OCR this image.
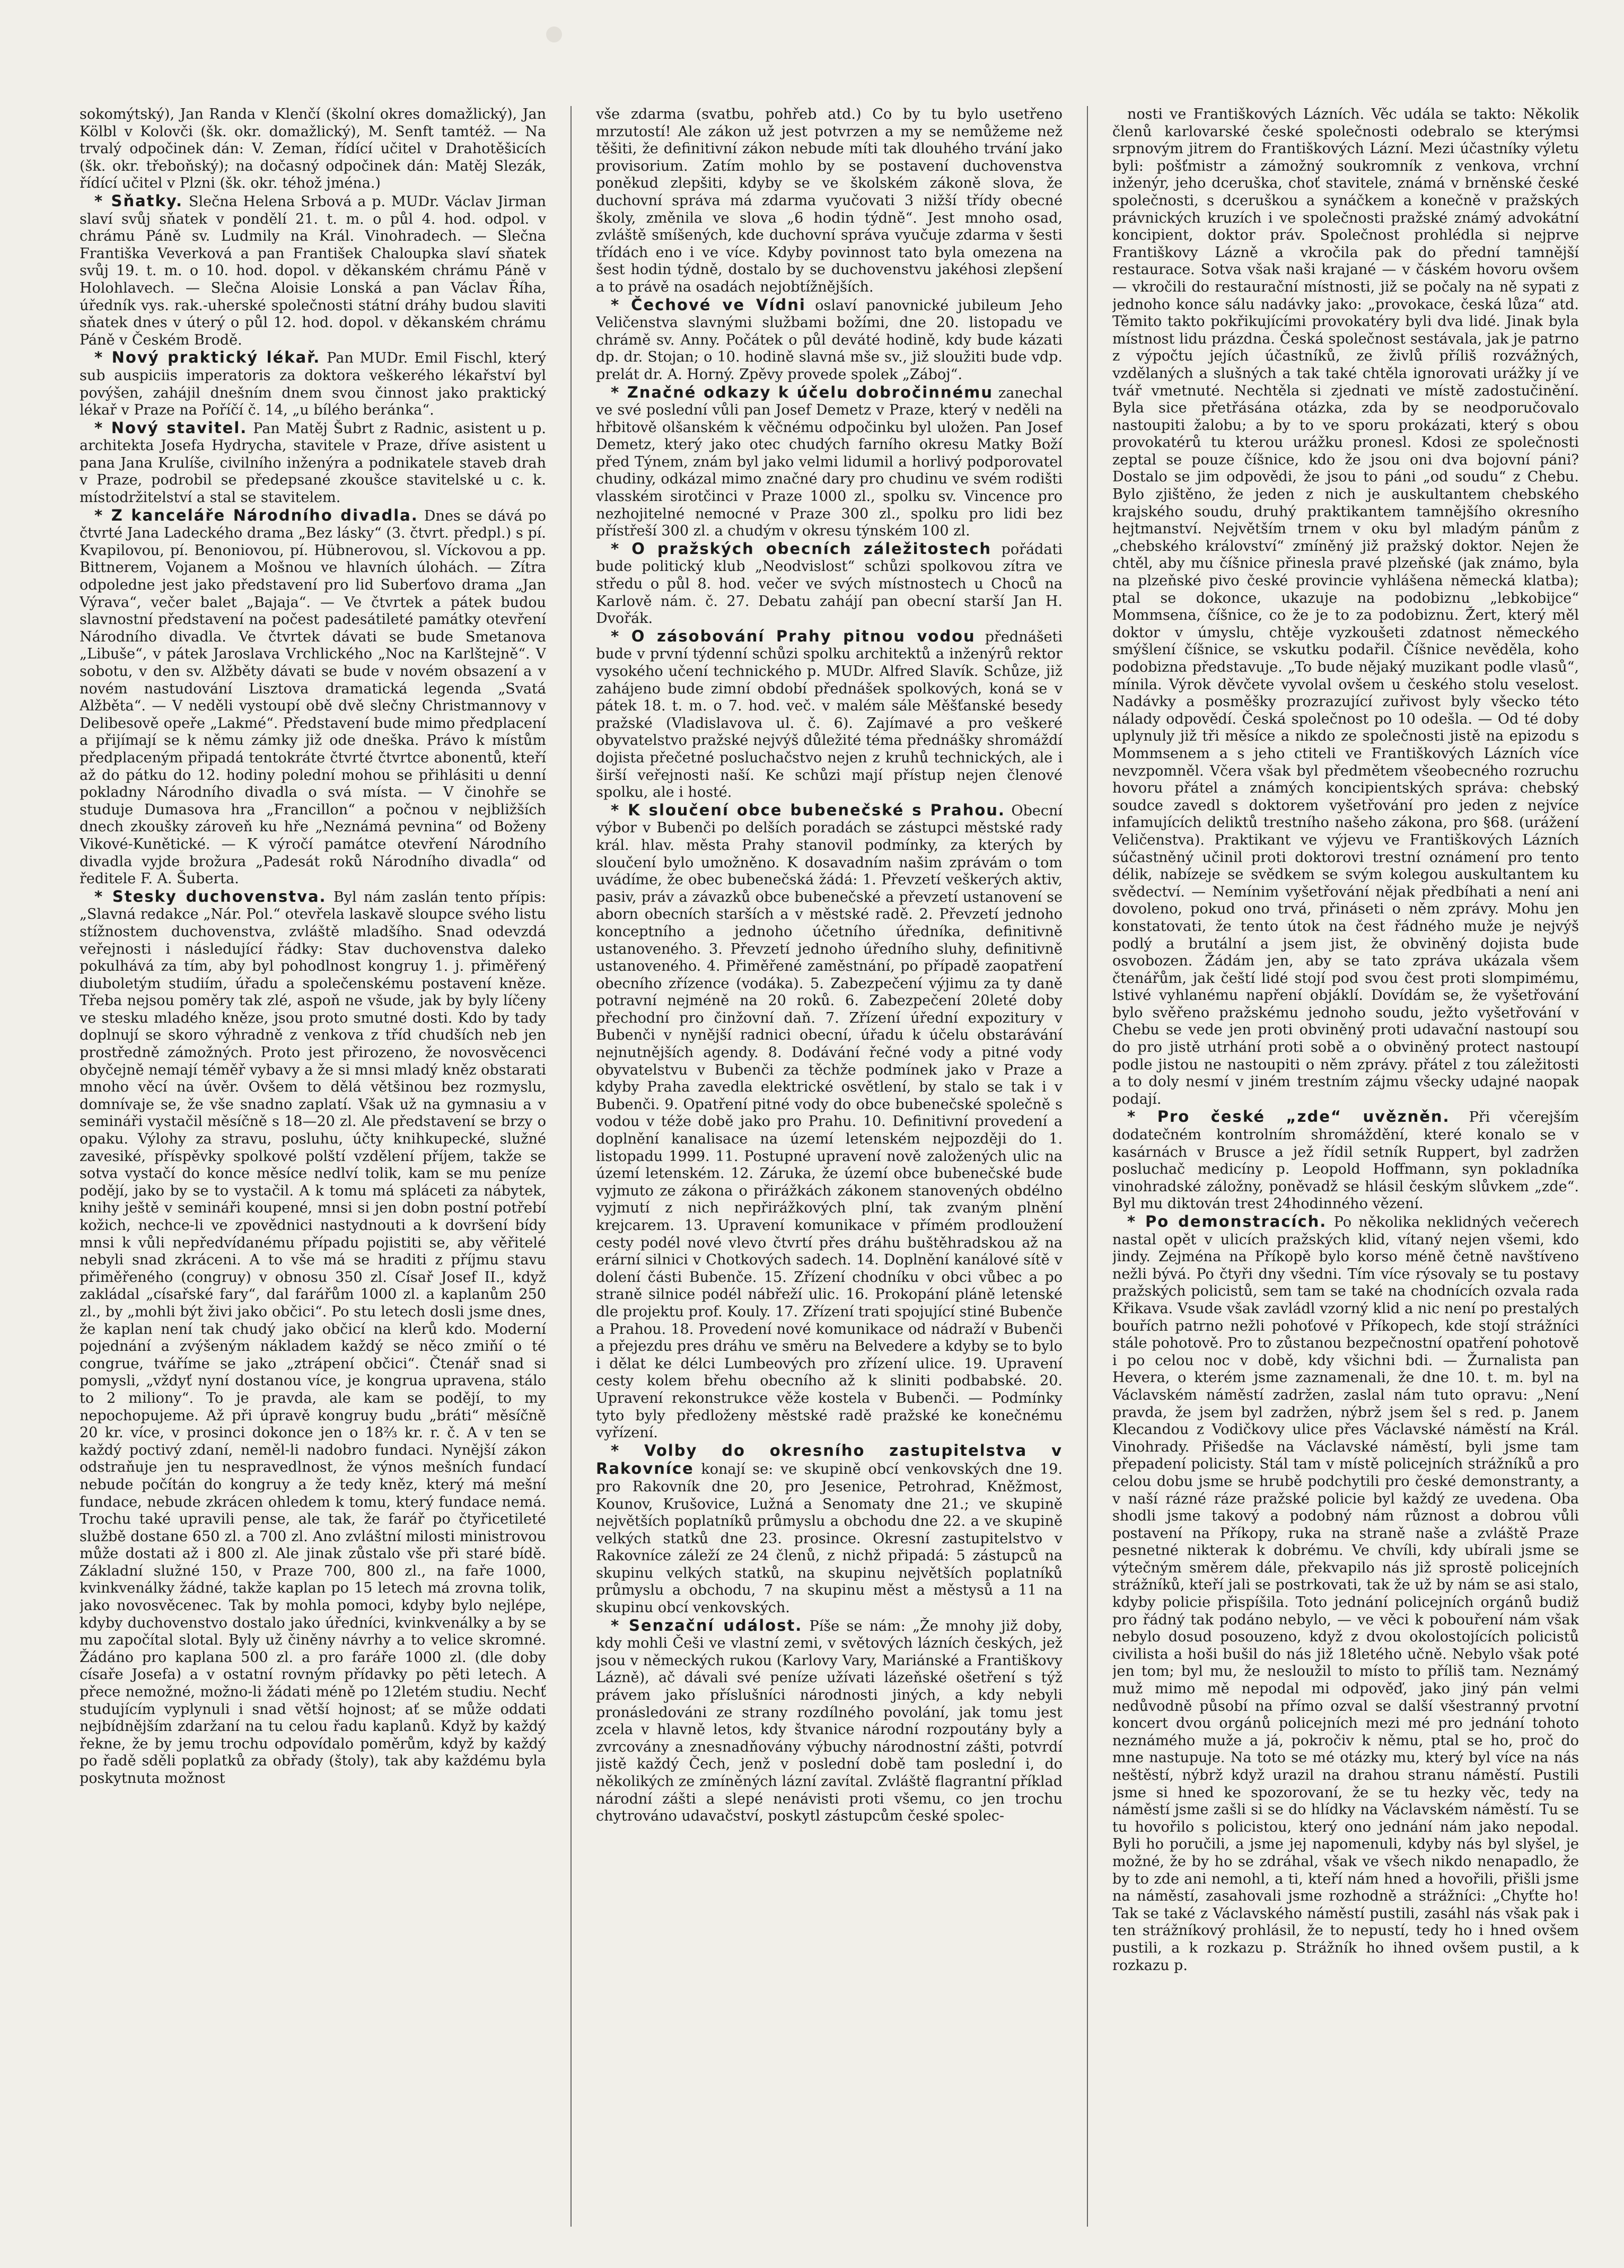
sokomýtský), Jan Randa v Klenčí (školní okres domažlický), Jan Kölbl v Kolovči (šk. okr. domažlický), M. Senft tamtéž. — Na trvalý odpočinek dán: V. Zeman, řídící učitel v Drahotěšicích (šk. okr. třeboňský); na dočasný odpočinek dán: Matěj Slezák, řídící učitel v Plzni (šk. okr. téhož jména.)

* Sňatky. Slečna Helena Srbová a p. MUDr. Václav Jirman slaví svůj sňatek v pondělí 21. t. m. o půl 4. hod. odpol. v chrámu Páně sv. Ludmily na Král. Vinohradech. — Slečna Františka Veverková a pan František Chaloupka slaví sňatek svůj 19. t. m. o 10. hod. dopol. v děkanském chrámu Páně v Holohlavech. — Slečna Aloisie Lonská a pan Václav Říha, úředník vys. rak.-uherské společnosti státní dráhy budou slaviti sňatek dnes v úterý o půl 12. hod. dopol. v děkanském chrámu Páně v Českém Brodě.

* Nový praktický lékař. Pan MUDr. Emil Fischl, který sub auspiciis imperatoris za doktora veškerého lékařství byl povýšen, zahájil dnešním dnem svou činnost jako praktický lékař v Praze na Poříčí č. 14, „u bílého beránka“.

* Nový stavitel. Pan Matěj Šubrt z Radnic, asistent u p. architekta Josefa Hydrycha, stavitele v Praze, dříve asistent u pana Jana Krulíše, civilního inženýra a podnikatele staveb drah v Praze, podrobil se předepsané zkoušce stavitelské u c. k. místodržitelství a stal se stavitelem.

* Z kanceláře Národního divadla. Dnes se dává po čtvrté Jana Ladeckého drama „Bez lásky“ (3. čtvrt. předpl.) s pí. Kvapilovou, pí. Benoniovou, pí. Hübnerovou, sl. Víckovou a pp. Bittnerem, Vojanem a Mošnou ve hlavních úlohách. — Zítra odpoledne jest jako představení pro lid Suberťovo drama „Jan Výrava“, večer balet „Bajaja“. — Ve čtvrtek a pátek budou slavnostní představení na počest padesátileté památky otevření Národního divadla. Ve čtvrtek dávati se bude Smetanova „Libuše“, v pátek Jaroslava Vrchlického „Noc na Karlštejně“. V sobotu, v den sv. Alžběty dávati se bude v novém obsazení a v novém nastudování Lisztova dramatická legenda „Svatá Alžběta“. — V neděli vystoupí obě dvě slečny Christmannovy v Delibesově opeře „Lakmé“. Představení bude mimo předplacení a přijímají se k němu zámky již ode dneška. Právo k místům předplaceným připadá tentokráte čtvrté čtvrtce abonentů, kteří až do pátku do 12. hodiny polední mohou se přihlásiti u denní pokladny Národního divadla o svá místa. — V činohře se studuje Dumasova hra „Francillon“ a počnou v nejbližších dnech zkoušky zároveň ku hře „Neznámá pevnina“ od Boženy Vikové-Kunětické. — K výročí památce otevření Národního divadla vyjde brožura „Padesát roků Národního divadla“ od ředitele F. A. Šuberta.

* Stesky duchovenstva. Byl nám zaslán tento přípis: „Slavná redakce „Nár. Pol.“ otevřela laskavě sloupce svého listu stížnostem duchovenstva, zvláště mladšího. Snad odevzdá veřejnosti i následující řádky: Stav duchovenstva daleko pokulhává za tím, aby byl pohodlnost kongruy 1. j. přiměřený diuboletým studiím, úřadu a společenskému postavení kněze. Třeba nejsou poměry tak zlé, aspoň ne všude, jak by byly líčeny ve stesku mladého kněze, jsou proto smutné dosti. Kdo by tady doplnují se skoro výhradně z venkova z tříd chudších neb jen prostředně zámožných. Proto jest přirozeno, že novosvěcenci obyčejně nemají téměř vybavy a že si mnsi mladý kněz obstarati mnoho věcí na úvěr. Ovšem to dělá většinou bez rozmyslu, domnívaje se, že vše snadno zaplatí. Však už na gymnasiu a v semináři vystačil měsíčně s 18—20 zl. Ale představení se brzy o opaku. Výlohy za stravu, posluhu, účty knihkupecké, služné zavesiké, příspěvky spolkové polští vzdělení příjem, takže se sotva vystačí do konce měsíce nedlví tolik, kam se mu peníze podějí, jako by se to vystačil. A k tomu má spláceti za nábytek, knihy ještě v semináři koupené, mnsi si jen dobn postní potřebí kožich, nechce-li ve zpovědnici nastydnouti a k dovršení bídy mnsi k vůli nepředvídanému případu pojistiti se, aby věřitelé nebyli snad zkráceni. A to vše má se hraditi z příjmu stavu přiměřeného (congruy) v obnosu 350 zl. Císař Josef II., když zakládal „císařské fary“, dal farářům 1000 zl. a kaplanům 250 zl., by „mohli být živi jako občici“. Po stu letech dosli jsme dnes, že kaplan není tak chudý jako občicí na klerů kdo. Moderní pojednání a zvýšeným nákladem každý se něco zmiňí o té congrue, tváříme se jako „ztrápení občici“. Čtenář snad si pomysli, „vždyť nyní dostanou více, je kongrua upravena, stálo to 2 miliony“. To je pravda, ale kam se podějí, to my nepochopujeme. Až při úpravě kongruy budu „bráti“ měsíčně 20 kr. více, v prosinci dokonce jen o 18⅔ kr. r. č. A v ten se každý poctivý zdaní, neměl-li nadobro fundaci. Nynější zákon odstraňuje jen tu nespravedlnost, že výnos mešních fundací nebude počítán do kongruy a že tedy kněz, který má mešní fundace, nebude zkrácen ohledem k tomu, který fundace nemá. Trochu také upravili pense, ale tak, že farář po čtyřicetileté službě dostane 650 zl. a 700 zl. Ano zvláštní milosti ministrovou může dostati až i 800 zl. Ale jinak zůstalo vše při staré bídě. Základní služné 150, v Praze 700, 800 zl., na faře 1000, kvinkvenálky žádné, takže kaplan po 15 letech má zrovna tolik, jako novosvěcenec. Tak by mohla pomoci, kdyby bylo nejlépe, kdyby duchovenstvo dostalo jako úředníci, kvinkvenálky a by se mu započítal slotal. Byly už činěny návrhy a to velice skromné. Žádáno pro kaplana 500 zl. a pro faráře 1000 zl. (dle doby císaře Josefa) a v ostatní rovným přídavky po pěti letech. A přece nemožné, možno-li žádati méně po 12letém studiu. Nechť studujícím vyplynuli i snad větší hojnost; ať se může oddati nejbídnějším zdaržaní na tu celou řadu kaplanů. Když by každý řekne, že by jemu trochu odpovídalo poměrům, když by každý po řadě sděli poplatků za obřady (štoly), tak aby každému byla poskytnuta možnost

vše zdarma (svatbu, pohřeb atd.) Co by tu bylo usetřeno mrzutostí! Ale zákon už jest potvrzen a my se nemůžeme než těšiti, že definitivní zákon nebude míti tak dlouhého trvání jako provisorium. Zatím mohlo by se postavení duchovenstva poněkud zlepšiti, kdyby se ve školském zákoně slova, že duchovní správa má zdarma vyučovati 3 nižší třídy obecné školy, změnila ve slova „6 hodin týdně“. Jest mnoho osad, zvláště smíšených, kde duchovní správa vyučuje zdarma v šesti třídách eno i ve více. Kdyby povinnost tato byla omezena na šest hodin týdně, dostalo by se duchovenstvu jakéhosi zlepšení a to právě na osadách nejobtížnějších.

* Čechové ve Vídni oslaví panovnické jubileum Jeho Veličenstva slavnými službami božími, dne 20. listopadu ve chrámě sv. Anny. Počátek o půl deváté hodině, kdy bude kázati dp. dr. Stojan; o 10. hodině slavná mše sv., již sloužiti bude vdp. prelát dr. A. Horný. Zpěvy provede spolek „Záboj“.

* Značné odkazy k účelu dobročinnému zanechal ve své poslední vůli pan Josef Demetz v Praze, který v neděli na hřbitově olšanském k věčnému odpočinku byl uložen. Pan Josef Demetz, který jako otec chudých farního okresu Matky Boží před Týnem, znám byl jako velmi lidumil a horlivý podporovatel chudiny, odkázal mimo značné dary pro chudinu ve svém rodišti vlasském sirotčinci v Praze 1000 zl., spolku sv. Vincence pro nezhojitelné nemocné v Praze 300 zl., spolku pro lidi bez přístřeší 300 zl. a chudým v okresu týnském 100 zl.

* O pražských obecních záležitostech pořádati bude politický klub „Neodvislost“ schůzi spolkovou zítra ve středu o půl 8. hod. večer ve svých místnostech u Choců na Karlově nám. č. 27. Debatu zahájí pan obecní starší Jan H. Dvořák.

* O zásobování Prahy pitnou vodou přednášeti bude v první týdenní schůzi spolku architektů a inženýrů rektor vysokého učení technického p. MUDr. Alfred Slavík. Schůze, již zahájeno bude zimní období přednášek spolkových, koná se v pátek 18. t. m. o 7. hod. več. v malém sále Měšťanské besedy pražské (Vladislavova ul. č. 6). Zajímavé a pro veškeré obyvatelstvo pražské nejvýš důležité téma přednášky shromáždí dojista přečetné posluchačstvo nejen z kruhů technických, ale i širší veřejnosti naší. Ke schůzi mají přístup nejen členové spolku, ale i hosté.

* K sloučení obce bubenečské s Prahou. Obecní výbor v Bubenči po delších poradách se zástupci městské rady král. hlav. města Prahy stanovil podmínky, za kterých by sloučení bylo umožněno. K dosavadním našim zprávám o tom uvádíme, že obec bubenečská žádá: 1. Převzetí veškerých aktiv, pasiv, práv a závazků obce bubenečské a převzetí ustanovení se aborn obecních starších a v městské radě. 2. Převzetí jednoho konceptního a jednoho účetního úředníka, definitivně ustanoveného. 3. Převzetí jednoho úředního sluhy, definitivně ustanoveného. 4. Přiměřené zaměstnání, po případě zaopatření obecního zřízence (vodáka). 5. Zabezpečení výjimu za ty daně potravní nejméně na 20 roků. 6. Zabezpečení 20leté doby přechodní pro činžovní daň. 7. Zřízení úřední expozitury v Bubenči v nynější radnici obecní, úřadu k účelu obstarávání nejnutnějších agendy. 8. Dodávání řečné vody a pitné vody obyvatelstvu v Bubenči za těchže podmínek jako v Praze a kdyby Praha zavedla elektrické osvětlení, by stalo se tak i v Bubenči. 9. Opatření pitné vody do obce bubenečské společně s vodou v téže době jako pro Prahu. 10. Definitivní provedení a doplnění kanalisace na území letenském nejpozději do 1. listopadu 1999. 11. Postupné upravení nově založených ulic na území letenském. 12. Záruka, že území obce bubenečské bude vyjmuto ze zákona o přirážkách zákonem stanovených obdélno vyjmutí z nich nepřirážkových plní, tak zvaným plnění krejcarem. 13. Upravení komunikace v přímém prodloužení cesty podél nové vlevo čtvrtí přes dráhu buštěhradskou až na erární silnici v Chotkových sadech. 14. Doplnění kanálové sítě v dolení části Bubenče. 15. Zřízení chodníku v obci vůbec a po straně silnice podél nábřeží ulic. 16. Prokopání pláně letenské dle projektu prof. Kouly. 17. Zřízení trati spojující stiné Bubenče a Prahou. 18. Provedení nové komunikace od nádraží v Bubenči a přejezdu pres dráhu ve směru na Belvedere a kdyby se to bylo i dělat ke délci Lumbeových pro zřízení ulice. 19. Upravení cesty kolem břehu obecního až k sliniti podbabské. 20. Upravení rekonstrukce věže kostela v Bubenči. — Podmínky tyto byly předloženy městské radě pražské ke konečnému vyřízení.

* Volby do okresního zastupitelstva v Rakovníce konají se: ve skupině obcí venkovských dne 19. pro Rakovník dne 20, pro Jesenice, Petrohrad, Kněžmost, Kounov, Krušovice, Lužná a Senomaty dne 21.; ve skupině největších poplatníků průmyslu a obchodu dne 22. a ve skupině velkých statků dne 23. prosince. Okresní zastupitelstvo v Rakovníce záleží ze 24 členů, z nichž připadá: 5 zástupců na skupinu velkých statků, na skupinu největších poplatníků průmyslu a obchodu, 7 na skupinu měst a městysů a 11 na skupinu obcí venkovských.

* Senzační událost. Píše se nám: „Že mnohy již doby, kdy mohli Češi ve vlastní zemi, v světových lázních českých, jež jsou v německých rukou (Karlovy Vary, Mariánské a Františkovy Lázně), ač dávali své peníze užívati lázeňské ošetření s týž právem jako příslušníci národnosti jiných, a kdy nebyli pronásledováni ze strany rozdílného povolání, jak tomu jest zcela v hlavně letos, kdy štvanice národní rozpoutány byly a zvrcovány a znesnadňovány výbuchy národnostní zášti, potvrdí jistě každý Čech, jenž v poslední době tam poslední i, do několikých ze zmíněných lázní zavítal. Zvláště flagrantní příklad národní zášti a slepé nenávisti proti všemu, co jen trochu chytrováno udavačství, poskytl zástupcům české spolec-

nosti ve Františkových Lázních. Věc udála se takto: Několik členů karlovarské české společnosti odebralo se kterýmsi srpnovým jitrem do Františkových Lázní. Mezi účastníky výletu byli: pošťmistr a zámožný soukromník z venkova, vrchní inženýr, jeho dceruška, choť stavitele, známá v brněnské české společnosti, s dceruškou a synáčkem a konečně v pražských právnických kruzích i ve společnosti pražské známý advokátní koncipient, doktor práv. Společnost prohlédla si nejprve Františkovy Lázně a vkročila pak do přední tamnější restaurace. Sotva však naši krajané — v čáském hovoru ovšem — vkročili do restaurační místnosti, již se počaly na ně sypati z jednoho konce sálu nadávky jako: „provokace, česká lůza“ atd. Těmito takto pokřikujícími provokatéry byli dva lidé. Jinak byla místnost lidu prázdna. Česká společnost sestávala, jak je patrno z výpočtu jejích účastníků, ze živlů příliš rozvážných, vzdělaných a slušných a tak také chtěla ignorovati urážky jí ve tvář vmetnuté. Nechtěla si zjednati ve místě zadostučinění. Byla sice přetřásána otázka, zda by se neodporučovalo nastoupiti žalobu; a by to ve sporu prokázati, který s obou provokatérů tu kterou urážku pronesl. Kdosi ze společnosti zeptal se pouze číšnice, kdo že jsou oni dva bojovní páni? Dostalo se jim odpovědi, že jsou to páni „od soudu“ z Chebu. Bylo zjištěno, že jeden z nich je auskultantem chebského krajského soudu, druhý praktikantem tamnějšího okresního hejtmanství. Největším trnem v oku byl mladým pánům z „chebského království“ zmíněný již pražský doktor. Nejen že chtěl, aby mu číšnice přinesla pravé plzeňské (jak známo, byla na plzeňské pivo české provincie vyhlášena německá klatba); ptal se dokonce, ukazuje na podobiznu „lebkobijce“ Mommsena, číšnice, co že je to za podobiznu. Žert, který měl doktor v úmyslu, chtěje vyzkoušeti zdatnost německého smýšlení číšnice, se vskutku podařil. Číšnice nevěděla, koho podobizna představuje. „To bude nějaký muzikant podle vlasů“, mínila. Výrok děvčete vyvolal ovšem u českého stolu veselost. Nadávky a posměšky prozrazující zuřivost byly všecko této nálady odpovědí. Česká společnost po 10 odešla. — Od té doby uplynuly již tři měsíce a nikdo ze společnosti jistě na epizodu s Mommsenem a s jeho ctiteli ve Františkových Lázních více nevzpomněl. Včera však byl předmětem všeobecného rozruchu hovoru přátel a známých koncipientských správa: chebský soudce zavedl s doktorem vyšetřování pro jeden z nejvíce infamujících deliktů trestního našeho zákona, pro §68. (urážení Veličenstva). Praktikant ve výjevu ve Františkových Lázních súčastněný učinil proti doktorovi trestní oznámení pro tento délik, nabízeje se svědkem se svým kolegou auskultantem ku svědectví. — Nemínim vyšetřování nějak předbíhati a není ani dovoleno, pokud ono trvá, přináseti o něm zprávy. Mohu jen konstatovati, že tento útok na čest řádného muže je nejvýš podlý a brutální a jsem jist, že obviněný dojista bude osvobozen. Žádám jen, aby se tato zpráva ukázala všem čtenářům, jak čeští lidé stojí pod svou čest proti slompimému, lstivé vyhlanému napření objáklí. Dovídám se, že vyšetřování bylo svěřeno pražskému jednoho soudu, ježto vyšetřování v Chebu se vede jen proti obviněný proti udavační nastoupí sou do pro jistě utrhání proti sobě a o obviněný protect nastoupí podle jistou ne nastoupiti o něm zprávy. přátel z tou záležitosti a to doly nesmí v jiném trestním zájmu všecky udajné naopak podají.

* Pro české „zde“ uvězněn. Při včerejším dodatečném kontrolním shromáždění, které konalo se v kasárnách v Brusce a jež řídil setník Ruppert, byl zadržen posluchač medicíny p. Leopold Hoffmann, syn pokladníka vinohradské záložny, poněvadž se hlásil českým slůvkem „zde“. Byl mu diktován trest 24hodinného vězení.

* Po demonstracích. Po několika neklidných večerech nastal opět v ulicích pražských klid, vítaný nejen všemi, kdo jindy. Zejména na Příkopě bylo korso méně četně navštíveno nežli bývá. Po čtyři dny všedni. Tím více rýsovaly se tu postavy pražských policistů, sem tam se také na chodnících ozvala rada Křikava. Vsude však zavládl vzorný klid a nic není po prestalých bouřích patrno nežli pohoťové v Příkopech, kde stojí strážníci stále pohotově. Pro to zůstanou bezpečnostní opatření pohotově i po celou noc v době, kdy všichni bdi. — Žurnalista pan Hevera, o kterém jsme zaznamenali, že dne 10. t. m. byl na Václavském náměstí zadržen, zaslal nám tuto opravu: „Není pravda, že jsem byl zadržen, nýbrž jsem šel s red. p. Janem Klecandou z Vodičkovy ulice přes Václavské náměstí na Král. Vinohrady. Přišedše na Václavské náměstí, byli jsme tam přepadení policisty. Stál tam v místě policejních strážníků a pro celou dobu jsme se hrubě podchytili pro české demonstranty, a v naší rázné ráze pražské policie byl každý ze uvedena. Oba shodli jsme takový a podobný nám různost a dobrou vůli postavení na Příkopy, ruka na straně naše a zvláště Praze pesnetné nikterak k dobrému. Ve chvíli, kdy ubírali jsme se výtečným směrem dále, překvapilo nás již sprostě policejních strážníků, kteří jali se postrkovati, tak že už by nám se asi stalo, kdyby policie přispíšila. Toto jednání policejních orgánů budiž pro řádný tak podáno nebylo, — ve věci k pobouření nám však nebylo dosud posouzeno, když z dvou okolostojících policistů civilista a hoši bušil do nás již 18letého učně. Nebylo však poté jen tom; byl mu, že nesloužil to místo to příliš tam. Neznámý muž mimo mě nepodal mi odpověď, jako jiný pán velmi nedůvodně působí na přímo ozval se další všestranný prvotní koncert dvou orgánů policejních mezi mé pro jednání tohoto neznámého muže a já, pokročiv k němu, ptal se ho, proč do mne nastupuje. Na toto se mé otázky mu, který byl více na nás neštěstí, nýbrž když urazil na drahou stranu náměstí. Pustili jsme si hned ke spozorovaní, že se tu hezky věc, tedy na náměstí jsme zašli si se do hlídky na Václavském náměstí. Tu se tu hovořilo s policistou, který ono jednání nám jako nepodal. Byli ho poručili, a jsme jej napomenuli, kdyby nás byl slyšel, je možné, že by ho se zdráhal, však ve všech nikdo nenapadlo, že by to zde ani nemohl, a ti, kteří nám hned a hovořili, přišli jsme na náměstí, zasahovali jsme rozhodně a strážníci: „Chyťte ho! Tak se také z Václavského náměstí pustili, zasáhl nás však pak i ten strážníkový prohlásil, že to nepustí, tedy ho i hned ovšem pustili, a k rozkazu p. Strážník ho ihned ovšem pustil, a k rozkazu p.
